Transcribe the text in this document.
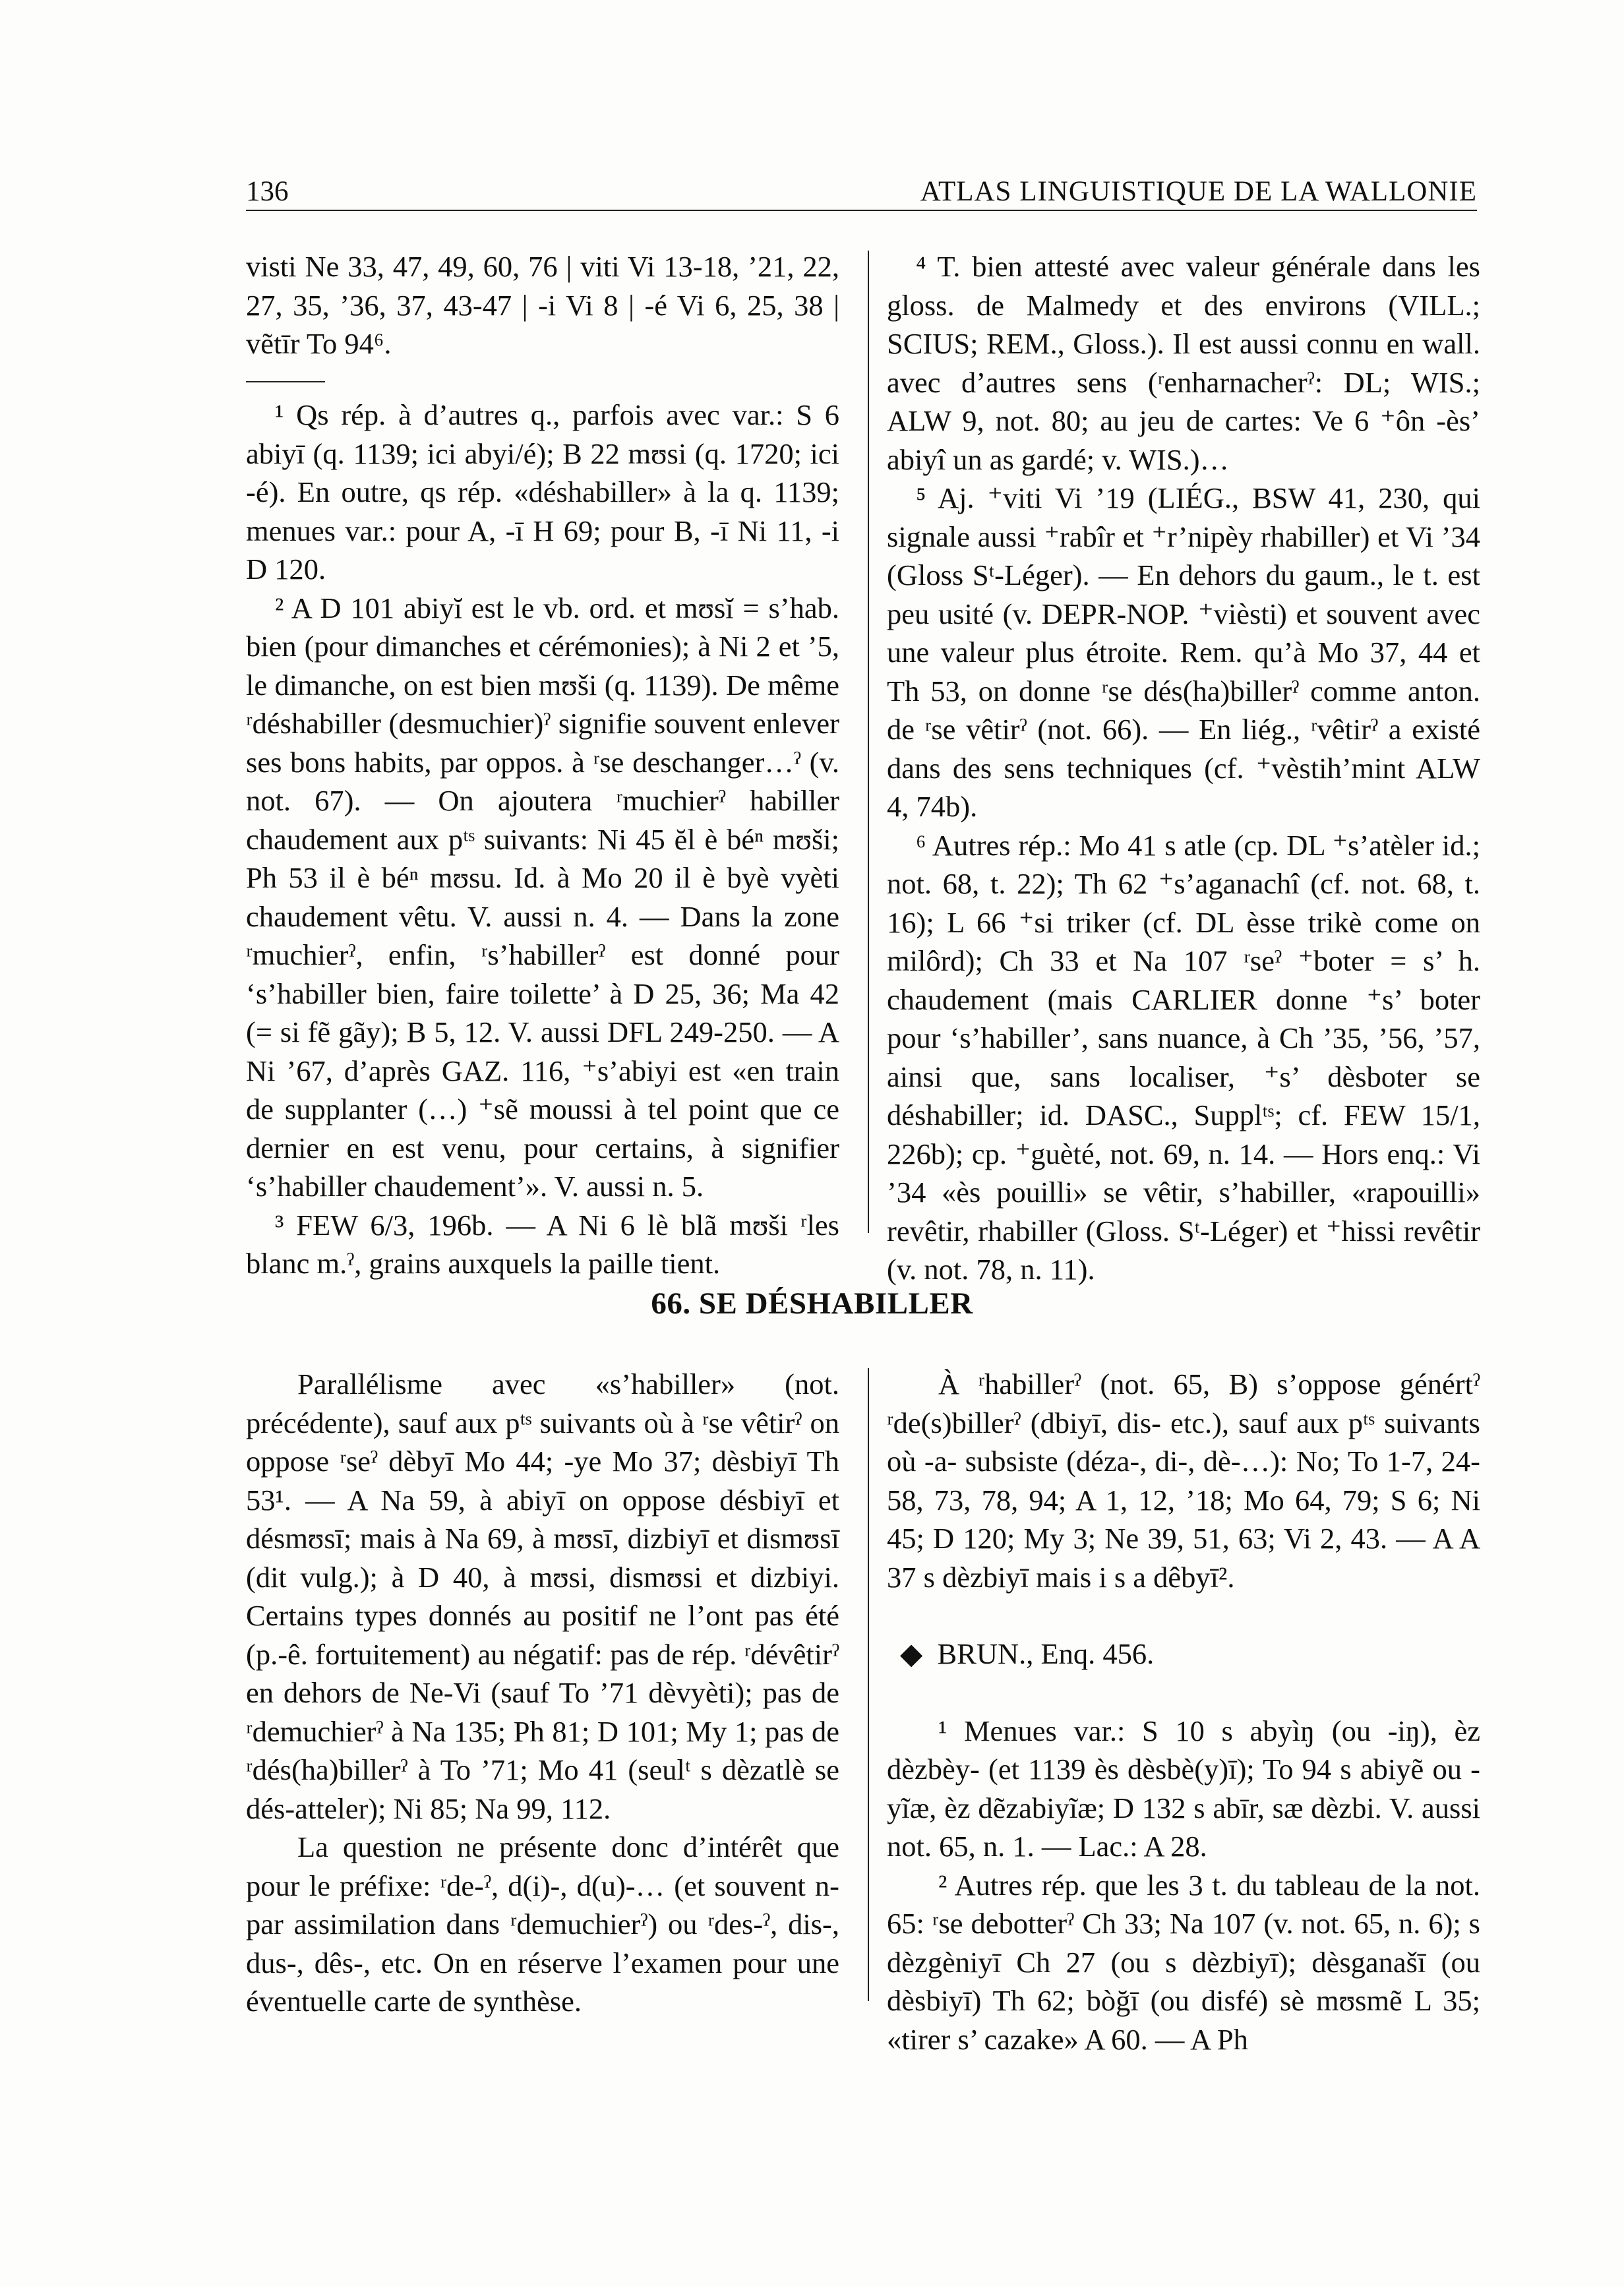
136	ATLAS LINGUISTIQUE DE LA WALLONIE

visti Ne 33, 47, 49, 60, 76 | viti Vi 13-18, ’21, 22, 27, 35, ’36, 37, 43-47 | -i Vi 8 | -é Vi 6, 25, 38 | vẽtīr To 94⁶.

¹ Qs rép. à d’autres q., parfois avec var.: S 6 abiyī (q. 1139; ici abyi/é); B 22 mʊsi (q. 1720; ici -é). En outre, qs rép. «déshabiller» à la q. 1139; menues var.: pour A, -ī H 69; pour B, -ī Ni 11, -i D 120.

² A D 101 abiyĭ est le vb. ord. et mʊsĭ = s’hab. bien (pour dimanches et cérémonies); à Ni 2 et ’5, le dimanche, on est bien mʊši (q. 1139). De même ʳdéshabiller (desmuchier)ˀ signifie souvent enlever ses bons habits, par oppos. à ʳse deschanger…ˀ (v. not. 67). — On ajoutera ʳmuchierˀ habiller chaudement aux pᵗˢ suivants: Ni 45 ĕl è béⁿ mʊši; Ph 53 il è béⁿ mʊsu. Id. à Mo 20 il è byè vyèti chaudement vêtu. V. aussi n. 4. — Dans la zone ʳmuchierˀ, enfin, ʳs’habillerˀ est donné pour ‘s’habiller bien, faire toilette’ à D 25, 36; Ma 42 (= si fẽ gãy); B 5, 12. V. aussi DFL 249-250. — A Ni ’67, d’après GAZ. 116, ⁺s’abiyi est «en train de supplanter (…) ⁺sẽ moussi à tel point que ce dernier en est venu, pour certains, à signifier ‘s’habiller chaudement’». V. aussi n. 5.

³ FEW 6/3, 196b. — A Ni 6 lè blã mʊši ʳles blanc m.ˀ, grains auxquels la paille tient.

⁴ T. bien attesté avec valeur générale dans les gloss. de Malmedy et des environs (VILL.; SCIUS; REM., Gloss.). Il est aussi connu en wall. avec d’autres sens (ʳenharnacherˀ: DL; WIS.; ALW 9, not. 80; au jeu de cartes: Ve 6 ⁺ôn -ès’ abiyî un as gardé; v. WIS.)…

⁵ Aj. ⁺viti Vi ’19 (LIÉG., BSW 41, 230, qui signale aussi ⁺rabîr et ⁺r’nipèy rhabiller) et Vi ’34 (Gloss Sᵗ-Léger). — En dehors du gaum., le t. est peu usité (v. DEPR-NOP. ⁺vièsti) et souvent avec une valeur plus étroite. Rem. qu’à Mo 37, 44 et Th 53, on donne ʳse dés(ha)billerˀ comme anton. de ʳse vêtirˀ (not. 66). — En liég., ʳvêtirˀ a existé dans des sens techniques (cf. ⁺vèstih’mint ALW 4, 74b).

⁶ Autres rép.: Mo 41 s atle (cp. DL ⁺s’atèler id.; not. 68, t. 22); Th 62 ⁺s’aganachî (cf. not. 68, t. 16); L 66 ⁺si triker (cf. DL èsse trikè come on milôrd); Ch 33 et Na 107 ʳseˀ ⁺boter = s’ h. chaudement (mais CARLIER donne ⁺s’ boter pour ‘s’habiller’, sans nuance, à Ch ’35, ’56, ’57, ainsi que, sans localiser, ⁺s’ dèsboter se déshabiller; id. DASC., Supplᵗˢ; cf. FEW 15/1, 226b); cp. ⁺guèté, not. 69, n. 14. — Hors enq.: Vi ’34 «ès pouilli» se vêtir, s’habiller, «rapouilli» revêtir, rhabiller (Gloss. Sᵗ-Léger) et ⁺hissi revêtir (v. not. 78, n. 11).

66. SE DÉSHABILLER

Parallélisme avec «s’habiller» (not. précédente), sauf aux pᵗˢ suivants où à ʳse vêtirˀ on oppose ʳseˀ dèbyī Mo 44; -ye Mo 37; dèsbiyī Th 53¹. — A Na 59, à abiyī on oppose désbiyī et désmʊsī; mais à Na 69, à mʊsī, dizbiyī et dismʊsī (dit vulg.); à D 40, à mʊsi, dismʊsi et dizbiyi. Certains types donnés au positif ne l’ont pas été (p.-ê. fortuitement) au négatif: pas de rép. ʳdévêtirˀ en dehors de Ne-Vi (sauf To ’71 dèvyèti); pas de ʳdemuchierˀ à Na 135; Ph 81; D 101; My 1; pas de ʳdés(ha)billerˀ à To ’71; Mo 41 (seulᵗ s dèzatlè se dés-atteler); Ni 85; Na 99, 112.

La question ne présente donc d’intérêt que pour le préfixe: ʳde-ˀ, d(i)-, d(u)-… (et souvent n- par assimilation dans ʳdemuchierˀ) ou ʳdes-ˀ, dis-, dus-, dês-, etc. On en réserve l’examen pour une éventuelle carte de synthèse.

À ʳhabillerˀ (not. 65, B) s’oppose génértˀ ʳde(s)billerˀ (dbiyī, dis- etc.), sauf aux pᵗˢ suivants où -a- subsiste (déza-, di-, dè-…): No; To 1-7, 24-58, 73, 78, 94; A 1, 12, ’18; Mo 64, 79; S 6; Ni 45; D 120; My 3; Ne 39, 51, 63; Vi 2, 43. — A A 37 s dèzbiyī mais i s a dêbyī².

◆ BRUN., Enq. 456.

¹ Menues var.: S 10 s abyìŋ (ou -iŋ), èz dèzbèy- (et 1139 ès dèsbè(y)ī); To 94 s abiyẽ ou -yĩæ, èz dẽzabiyĩæ; D 132 s abīr, sæ dèzbi. V. aussi not. 65, n. 1. — Lac.: A 28.

² Autres rép. que les 3 t. du tableau de la not. 65: ʳse debotterˀ Ch 33; Na 107 (v. not. 65, n. 6); s dèzgèniyī Ch 27 (ou s dèzbiyī); dèsganašī (ou dèsbiyī) Th 62; bòğī (ou disfé) sè mʊsmẽ L 35; «tirer s’ cazake» A 60. — A Ph
